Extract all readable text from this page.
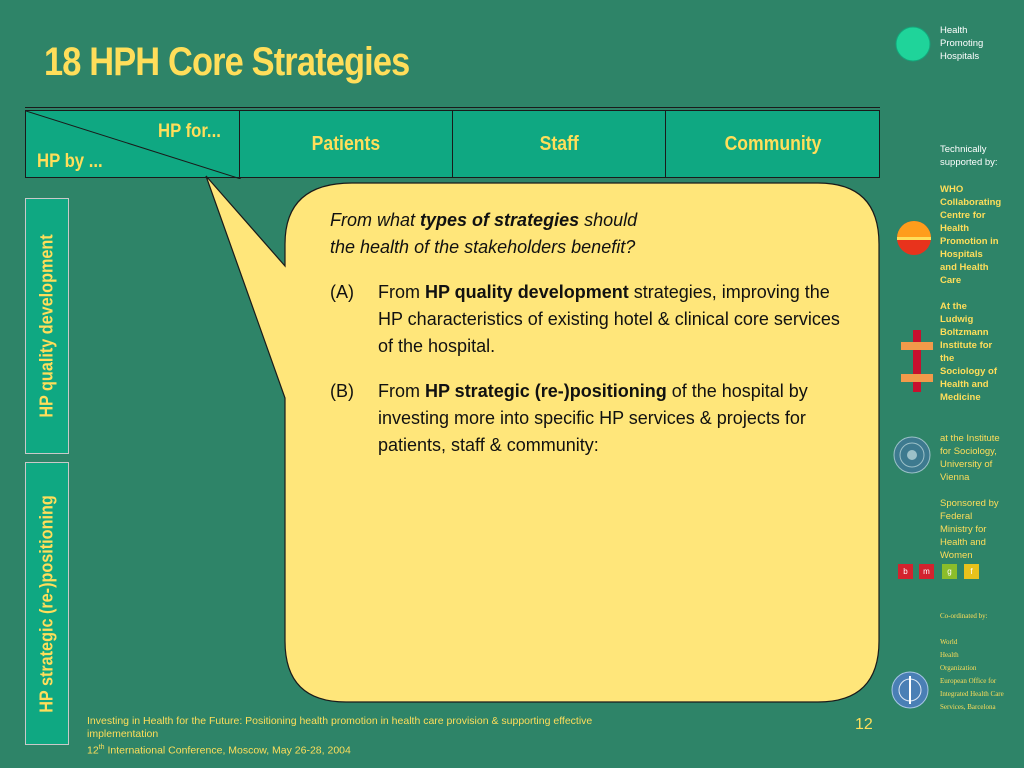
18 HPH Core Strategies
HP for...
HP by ...
Patients	Staff	Community
HP quality development
HP strategic (re-)positioning
From what types of strategies should
the health of the stakeholders benefit?
(A) From HP quality development strategies, improving the HP characteristics of existing hotel & clinical core services of the hospital.
(B) From HP strategic (re-)positioning of the hospital by investing more into specific HP services & projects for patients, staff & community:
Health
Promoting
Hospitals
Technically
supported by:
WHO
Collaborating
Centre for
Health
Promotion in
Hospitals
and Health
Care
At the
Ludwig
Boltzmann
Institute for
the
Sociology of
Health and
Medicine
at the Institute
for Sociology,
University of
Vienna
Sponsored by
Federal
Ministry for
Health and
Women
b	m	g	f
Co-ordinated by:
World
Health
Organization
European Office for
Integrated Health Care
Services, Barcelona
Investing in Health for the Future: Positioning health promotion in health care provision & supporting effective
implementation
12th International Conference, Moscow, May 26-28, 2004
12
